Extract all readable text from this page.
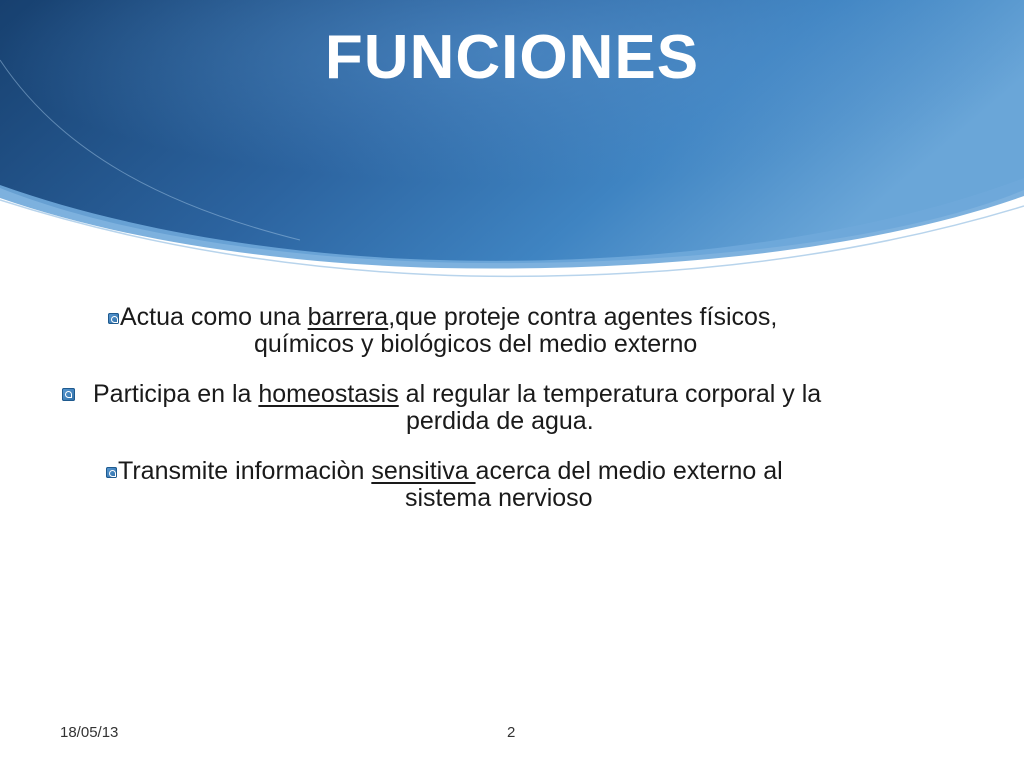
FUNCIONES
Actua como una barrera,que proteje contra agentes físicos,
químicos y biológicos del medio externo
Participa en la homeostasis al regular la temperatura corporal y la
perdida de agua.
Transmite informaciòn sensitiva acerca del medio externo al
sistema nervioso
18/05/13	2
